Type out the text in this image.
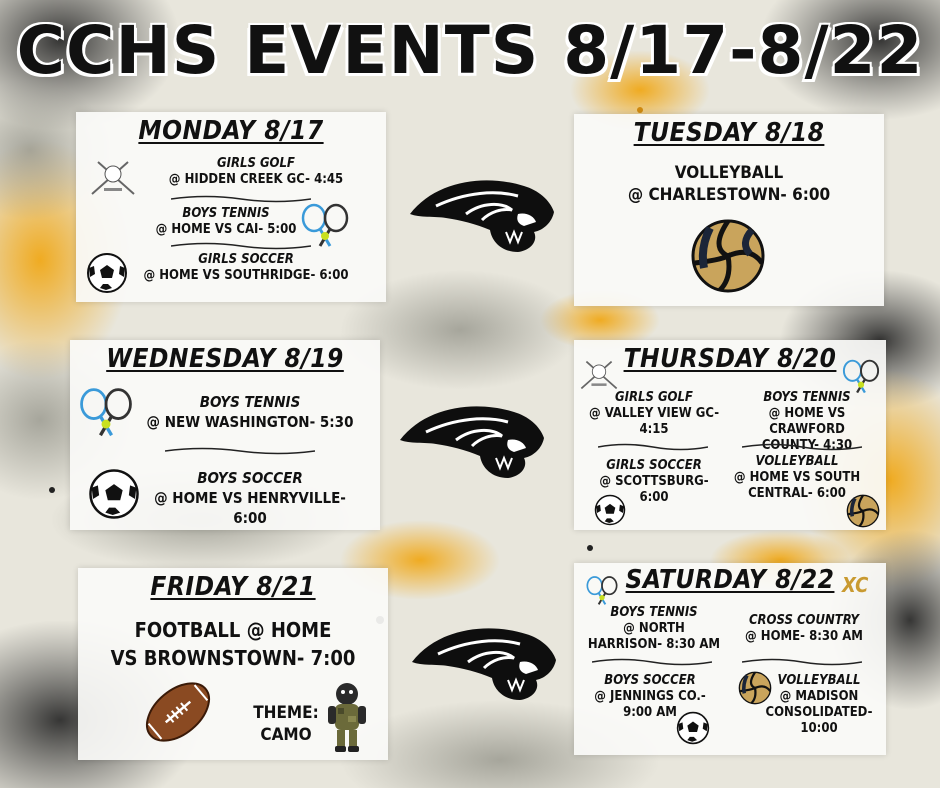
CCHS EVENTS 8/17-8/22
MONDAY 8/17
GIRLS GOLF
@ HIDDEN CREEK GC- 4:45
BOYS TENNIS
@ HOME VS CAI- 5:00
GIRLS SOCCER
@ HOME VS SOUTHRIDGE- 6:00
TUESDAY 8/18
VOLLEYBALL
@ CHARLESTOWN- 6:00
WEDNESDAY 8/19
BOYS TENNIS
@ NEW WASHINGTON- 5:30
BOYS SOCCER
@ HOME VS HENRYVILLE-
6:00
THURSDAY 8/20
GIRLS GOLF
@ VALLEY VIEW GC-
4:15
BOYS TENNIS
@ HOME VS CRAWFORD
COUNTY- 4:30
GIRLS SOCCER
@ SCOTTSBURG-
6:00
VOLLEYBALL
@ HOME VS SOUTH
CENTRAL- 6:00
FRIDAY 8/21
FOOTBALL @ HOME
VS BROWNSTOWN- 7:00
THEME:
CAMO
SATURDAY 8/22 XC
BOYS TENNIS
@ NORTH
HARRISON- 8:30 AM
CROSS COUNTRY
@ HOME- 8:30 AM
BOYS SOCCER
@ JENNINGS CO.-
9:00 AM
VOLLEYBALL
@ MADISON
CONSOLIDATED-
10:00
